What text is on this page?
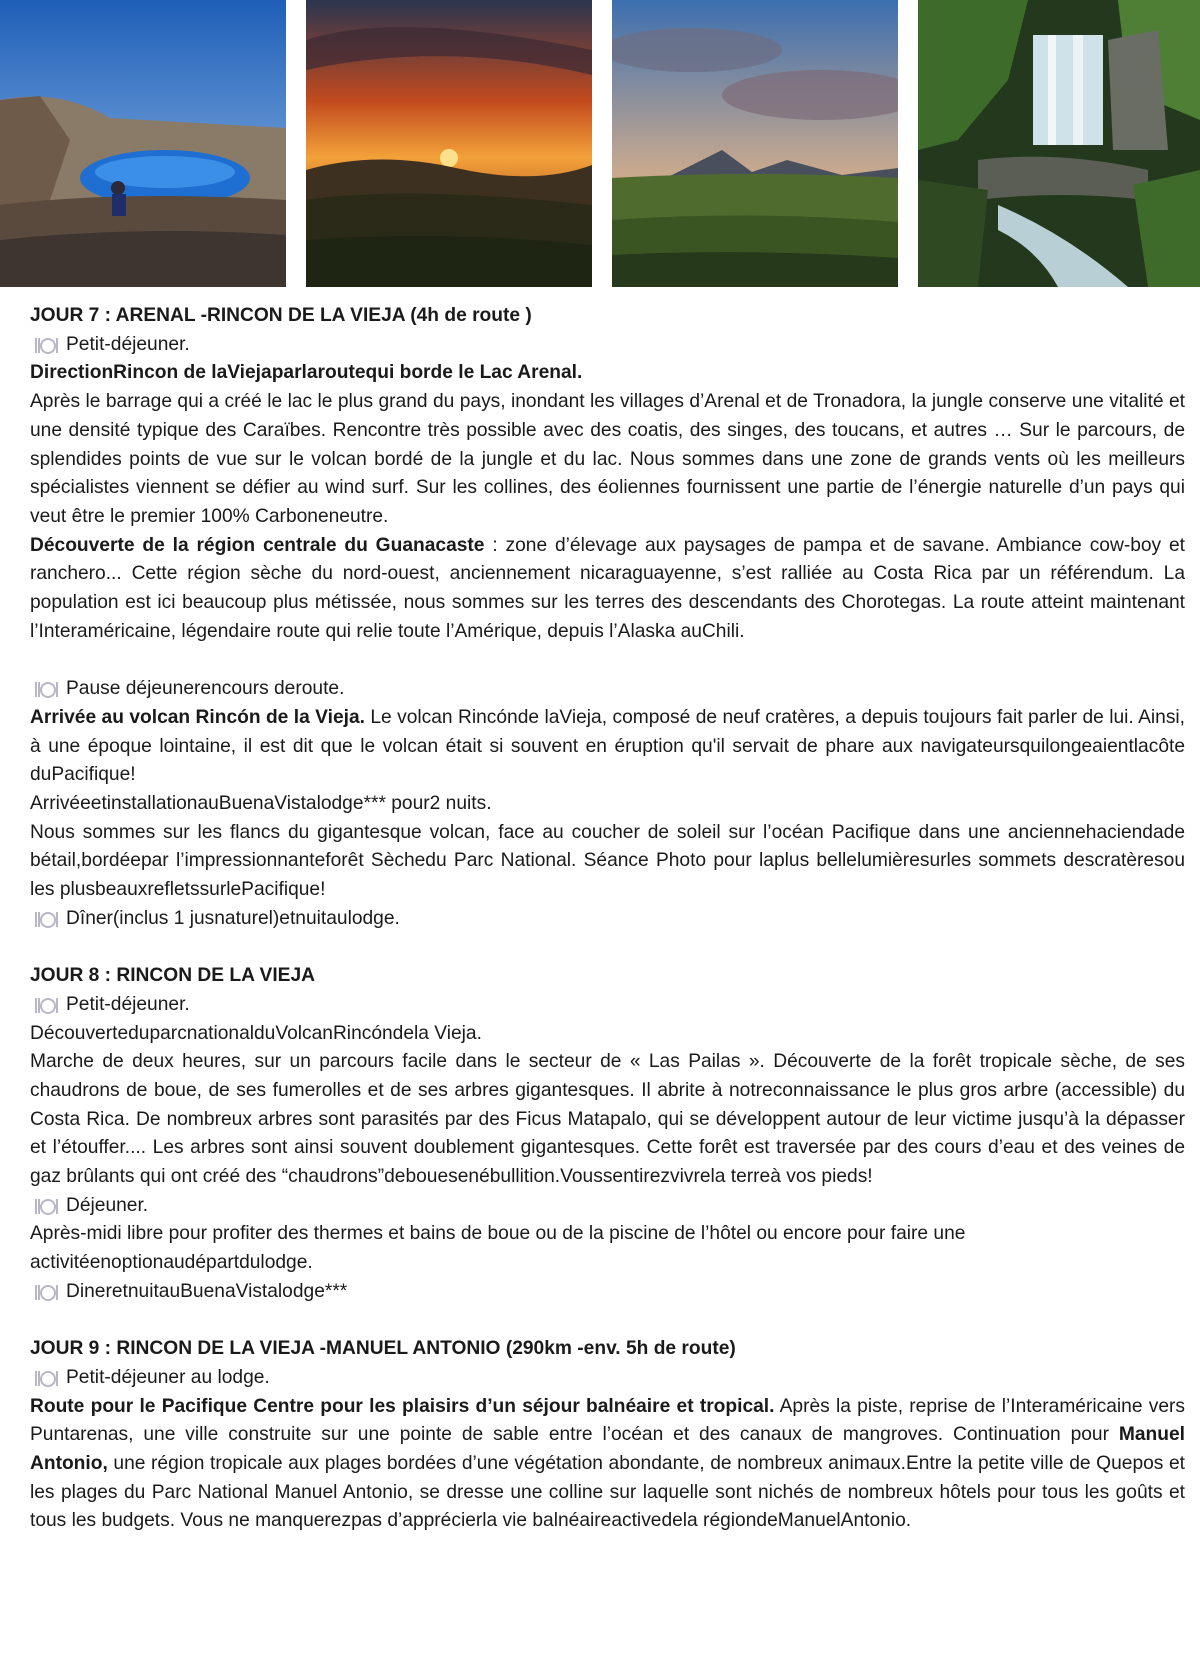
JOUR 7 : ARENAL -RINCON DE LA VIEJA (4h de route )

Petit-déjeuner.

DirectionRincon de laViejaparlaroutequi borde le Lac Arenal.

Après le barrage qui a créé le lac le plus grand du pays, inondant les villages d’Arenal et de Tronadora, la jungle conserve une vitalité et une densité typique des Caraïbes. Rencontre très possible avec des coatis, des singes, des toucans, et autres … Sur le parcours, de splendides points de vue sur le volcan bordé de la jungle et du lac. Nous sommes dans une zone de grands vents où les meilleurs spécialistes viennent se défier au wind surf. Sur les collines, des éoliennes fournissent une partie de l’énergie naturelle d’un pays qui veut être le premier 100% Carboneneutre.

Découverte de la région centrale du Guanacaste : zone d’élevage aux paysages de pampa et de savane. Ambiance cow-boy et ranchero... Cette région sèche du nord-ouest, anciennement nicaraguayenne, s’est ralliée au Costa Rica par un référendum. La population est ici beaucoup plus métissée, nous sommes sur les terres des descendants des Chorotegas. La route atteint maintenant l’Interaméricaine, légendaire route qui relie toute l’Amérique, depuis l’Alaska auChili.

Pause déjeunerencours deroute.

Arrivée au volcan Rincón de la Vieja. Le volcan Rincónde laVieja, composé de neuf cratères, a depuis toujours fait parler de lui. Ainsi, à une époque lointaine, il est dit que le volcan était si souvent en éruption qu'il servait de phare aux navigateursquilongeaientlacôte duPacifique!

ArrivéeetinstallationauBuenaVistalodge*** pour2 nuits.

Nous sommes sur les flancs du gigantesque volcan, face au coucher de soleil sur l’océan Pacifique dans une anciennehaciendade bétail,bordéepar l’impressionnanteforêt Sèchedu Parc National. Séance Photo pour laplus bellelumièresurles sommets descratèresou les plusbeauxrefletssurlePacifique!

Dîner(inclus 1 jusnaturel)etnuitaulodge.

JOUR 8 : RINCON DE LA VIEJA

Petit-déjeuner.

DécouverteduparcnationalduVolcanRincóndela Vieja.

Marche de deux heures, sur un parcours facile dans le secteur de « Las Pailas ». Découverte de la forêt tropicale sèche, de ses chaudrons de boue, de ses fumerolles et de ses arbres gigantesques. Il abrite à notreconnaissance le plus gros arbre (accessible) du Costa Rica. De nombreux arbres sont parasités par des Ficus Matapalo, qui se développent autour de leur victime jusqu’à la dépasser et l’étouffer.... Les arbres sont ainsi souvent doublement gigantesques. Cette forêt est traversée par des cours d’eau et des veines de gaz brûlants qui ont créé des “chaudrons”debouesenébullition.Voussentirezvivrela terreà vos pieds!

Déjeuner.

Après-midi libre pour profiter des thermes et bains de boue ou de la piscine de l’hôtel ou encore pour faire une activitéenoptionaudépartdulodge.

DineretnuitauBuenaVistalodge***

JOUR 9 : RINCON DE LA VIEJA -MANUEL ANTONIO (290km -env. 5h de route)

Petit-déjeuner au lodge.

Route pour le Pacifique Centre pour les plaisirs d’un séjour balnéaire et tropical. Après la piste, reprise de l’Interaméricaine vers Puntarenas, une ville construite sur une pointe de sable entre l’océan et des canaux de mangroves. Continuation pour Manuel Antonio, une région tropicale aux plages bordées d’une végétation abondante, de nombreux animaux.Entre la petite ville de Quepos et les plages du Parc National Manuel Antonio, se dresse une colline sur laquelle sont nichés de nombreux hôtels pour tous les goûts et tous les budgets. Vous ne manquerezpas d’apprécierla vie balnéaireactivedela régiondeManuelAntonio.
